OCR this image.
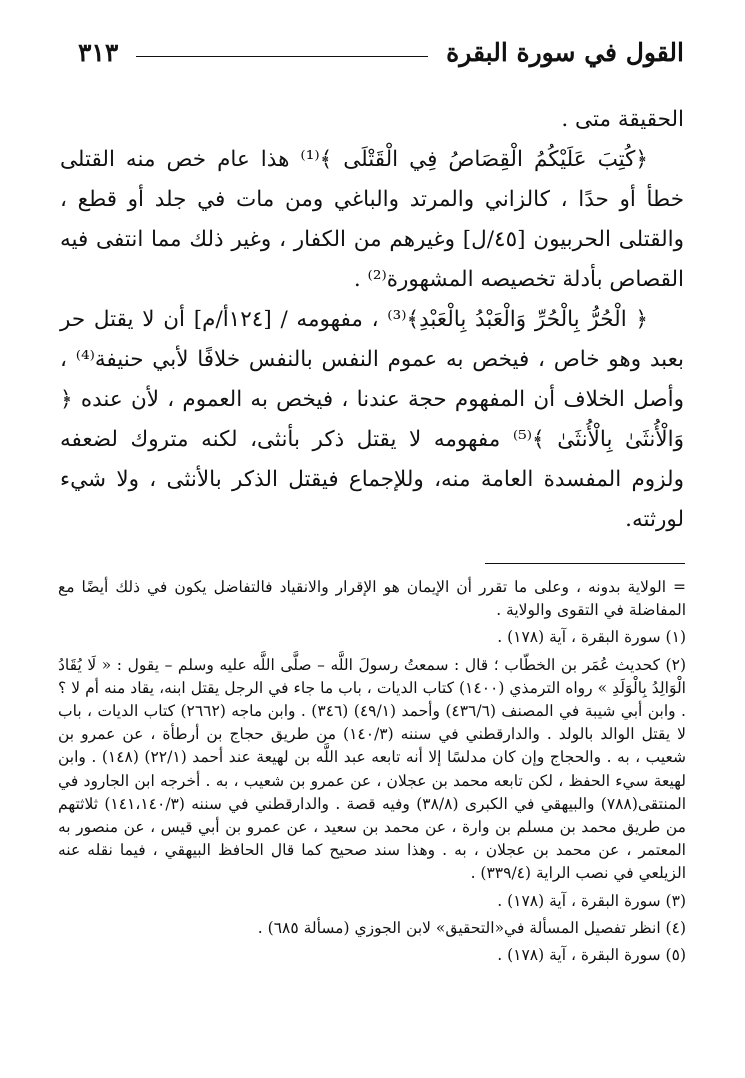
القول في سورة البقرة
٣١٣

الحقيقة متى .

﴿كُتِبَ عَلَيْكُمُ الْقِصَاصُ فِي الْقَتْلَى ﴾⁽¹⁾ هذا عام خص منه القتلى خطأ أو حدًا ، كالزاني والمرتد والباغي ومن مات في جلد أو قطع ، والقتلى الحربيون [٤٥/ل] وغيرهم من الكفار ، وغير ذلك مما انتفى فيه القصاص بأدلة تخصيصه المشهورة⁽²⁾ .

﴿ الْحُرُّ بِالْحُرِّ وَالْعَبْدُ بِالْعَبْدِ﴾⁽³⁾ ، مفهومه / [١٢٤أ/م] أن لا يقتل حر بعبد وهو خاص ، فيخص به عموم النفس بالنفس خلافًا لأبي حنيفة⁽⁴⁾ ، وأصل الخلاف أن المفهوم حجة عندنا ، فيخص به العموم ، لأن عنده ﴿ وَالْأُنثَىٰ بِالْأُنثَىٰ ﴾⁽⁵⁾ مفهومه لا يقتل ذكر بأنثى، لكنه متروك لضعفه ولزوم المفسدة العامة منه، وللإجماع فيقتل الذكر بالأنثى ، ولا شيء لورثته.

= الولاية بدونه ، وعلى ما تقرر أن الإيمان هو الإقرار والانقياد فالتفاضل يكون في ذلك أيضًا مع المفاضلة في التقوى والولاية .

(١) سورة البقرة ، آية (١٧٨) .

(٢) كحديث عُمَر بن الخطّاب ؛ قال : سمعتُ رسولَ اللَّه – صلَّى اللَّه عليه وسلم – يقول : « لَا يُقَادُ الْوَالِدُ بِالْوَلَدِ » رواه الترمذي (١٤٠٠) كتاب الديات ، باب ما جاء في الرجل يقتل ابنه، يقاد منه أم لا ؟ . وابن أبي شيبة في المصنف (٤٣٦/٦) وأحمد (٤٩/١) (٣٤٦) . وابن ماجه (٢٦٦٢) كتاب الديات ، باب لا يقتل الوالد بالولد . والدارقطني في سننه (١٤٠/٣) من طريق حجاج بن أرطأة ، عن عمرو بن شعيب ، به . والحجاج وإن كان مدلسًا إلا أنه تابعه عبد اللَّه بن لهيعة عند أحمد (٢٢/١) (١٤٨) . وابن لهيعة سيء الحفظ ، لكن تابعه محمد بن عجلان ، عن عمرو بن شعيب ، به . أخرجه ابن الجارود في المنتقى(٧٨٨) والبيهقي في الكبرى (٣٨/٨) وفيه قصة . والدارقطني في سننه (١٤١،١٤٠/٣) ثلاثتهم من طريق محمد بن مسلم بن وارة ، عن محمد بن سعيد ، عن عمرو بن أبي قيس ، عن منصور به المعتمر ، عن محمد بن عجلان ، به . وهذا سند صحيح كما قال الحافظ البيهقي ، فيما نقله عنه الزيلعي في نصب الراية (٣٣٩/٤) .

(٣) سورة البقرة ، آية (١٧٨) .

(٤) انظر تفصيل المسألة في«التحقيق» لابن الجوزي (مسألة ٦٨٥) .

(٥) سورة البقرة ، آية (١٧٨) .
